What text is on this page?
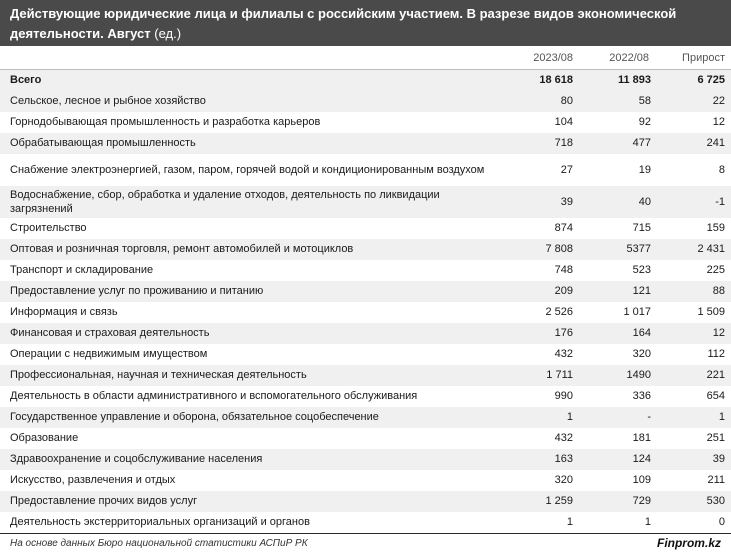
Действующие юридические лица и филиалы с российским участием. В разрезе видов экономической деятельности. Август (ед.)
	2023/08	2022/08	Прирост
Всего	18 618	11 893	6 725
Сельское, лесное и рыбное хозяйство	80	58	22
Горнодобывающая промышленность и разработка карьеров	104	92	12
Обрабатывающая промышленность	718	477	241
Снабжение электроэнергией, газом, паром, горячей водой и кондиционированным воздухом	27	19	8
Водоснабжение, сбор, обработка и удаление отходов, деятельность по ликвидации загрязнений	39	40	-1
Строительство	874	715	159
Оптовая и розничная торговля, ремонт автомобилей и мотоциклов	7 808	5377	2 431
Транспорт и складирование	748	523	225
Предоставление услуг по проживанию и питанию	209	121	88
Информация и связь	2 526	1 017	1 509
Финансовая и страховая деятельность	176	164	12
Операции с недвижимым имуществом	432	320	112
Профессиональная, научная и техническая деятельность	1 711	1490	221
Деятельность в области административного и вспомогательного обслуживания	990	336	654
Государственное управление и оборона, обязательное соцобеспечение	1	-	1
Образование	432	181	251
Здравоохранение и соцобслуживание населения	163	124	39
Искусство, развлечения и отдых	320	109	211
Предоставление прочих видов услуг	1 259	729	530
Деятельность экстерриториальных организаций и органов	1	1	0
На основе данных Бюро национальной статистики АСПиР РК	Finprom.kz
